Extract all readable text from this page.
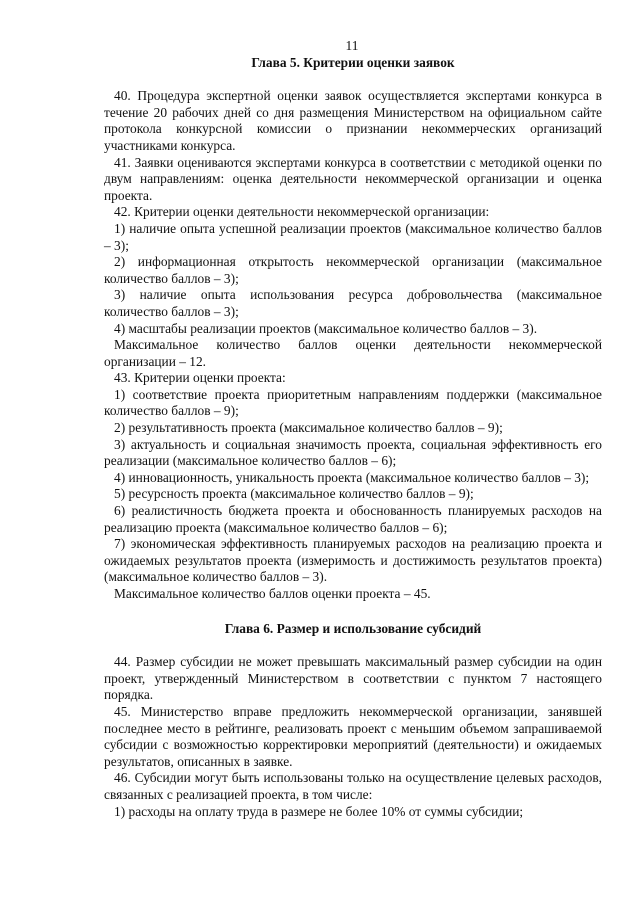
11

Глава 5. Критерии оценки заявок

40. Процедура экспертной оценки заявок осуществляется экспертами конкурса в течение 20 рабочих дней со дня размещения Министерством на официальном сайте протокола конкурсной комиссии о признании некоммерческих организаций участниками конкурса.

41. Заявки оцениваются экспертами конкурса в соответствии с методикой оценки по двум направлениям: оценка деятельности некоммерческой организации и оценка проекта.

42. Критерии оценки деятельности некоммерческой организации:

1) наличие опыта успешной реализации проектов (максимальное количество баллов – 3);

2) информационная открытость некоммерческой организации (максимальное количество баллов – 3);

3) наличие опыта использования ресурса добровольчества (максимальное количество баллов – 3);

4) масштабы реализации проектов (максимальное количество баллов – 3).

Максимальное количество баллов оценки деятельности некоммерческой организации – 12.

43. Критерии оценки проекта:

1) соответствие проекта приоритетным направлениям поддержки (максимальное количество баллов – 9);

2) результативность проекта (максимальное количество баллов – 9);

3) актуальность и социальная значимость проекта, социальная эффективность его реализации (максимальное количество баллов – 6);

4) инновационность, уникальность проекта (максимальное количество баллов – 3);

5) ресурсность проекта (максимальное количество баллов – 9);

6) реалистичность бюджета проекта и обоснованность планируемых расходов на реализацию проекта (максимальное количество баллов – 6);

7) экономическая эффективность планируемых расходов на реализацию проекта и ожидаемых результатов проекта (измеримость и достижимость результатов проекта) (максимальное количество баллов – 3).

Максимальное количество баллов оценки проекта – 45.

Глава 6. Размер и использование субсидий

44. Размер субсидии не может превышать максимальный размер субсидии на один проект, утвержденный Министерством в соответствии с пунктом 7 настоящего порядка.

45. Министерство вправе предложить некоммерческой организации, занявшей последнее место в рейтинге, реализовать проект с меньшим объемом запрашиваемой субсидии с возможностью корректировки мероприятий (деятельности) и ожидаемых результатов, описанных в заявке.

46. Субсидии могут быть использованы только на осуществление целевых расходов, связанных с реализацией проекта, в том числе:

1) расходы на оплату труда в размере не более 10% от суммы субсидии;
